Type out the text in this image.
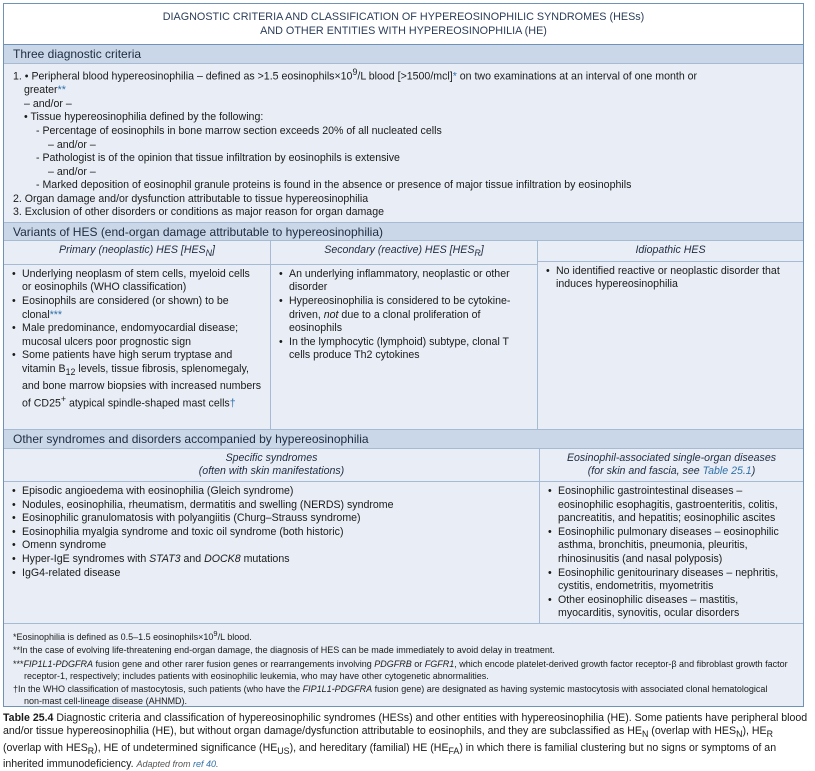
DIAGNOSTIC CRITERIA AND CLASSIFICATION OF HYPEREOSINOPHILIC SYNDROMES (HESs)
AND OTHER ENTITIES WITH HYPEREOSINOPHILIA (HE)
Three diagnostic criteria
1. • Peripheral blood hypereosinophilia – defined as >1.5 $eosinophils\times 10^9/L$ blood [>1500/mcl]* on two examinations at an interval of one month or
greater**
– and/or –
• Tissue hypereosinophilia defined by the following:
- Percentage of eosinophils in bone marrow section exceeds 20% of all nucleated cells
– and/or –
- Pathologist is of the opinion that tissue infiltration by eosinophils is extensive
– and/or –
- Marked deposition of eosinophil granule proteins is found in the absence or presence of major tissue infiltration by eosinophils
2. Organ damage and/or dysfunction attributable to tissue hypereosinophilia
3. Exclusion of other disorders or conditions as major reason for organ damage
Variants of HES (end-organ damage attributable to hypereosinophilia)
Primary (neoplastic) HES $[HES_N]$
• Underlying neoplasm of stem cells, myeloid cells or eosinophils (WHO classification)
• Eosinophils are considered (or shown) to be clonal***
• Male predominance, endomyocardial disease; mucosal ulcers poor prognostic sign
• Some patients have high serum tryptase and vitamin $B_{12}$ levels, tissue fibrosis, splenomegaly, and bone marrow biopsies with increased numbers of CD25+ atypical spindle-shaped mast cells†
Secondary (reactive) HES $[HES_R]$
• An underlying inflammatory, neoplastic or other disorder
• Hypereosinophilia is considered to be cytokine-driven, not due to a clonal proliferation of eosinophils
• In the lymphocytic (lymphoid) subtype, clonal T cells produce Th2 cytokines
Idiopathic HES
• No identified reactive or neoplastic disorder that induces hypereosinophilia
Other syndromes and disorders accompanied by hypereosinophilia
Specific syndromes
(often with skin manifestations)
• Episodic angioedema with eosinophilia (Gleich syndrome)
• Nodules, eosinophilia, rheumatism, dermatitis and swelling (NERDS) syndrome
• Eosinophilic granulomatosis with polyangiitis (Churg–Strauss syndrome)
• Eosinophilia myalgia syndrome and toxic oil syndrome (both historic)
• Omenn syndrome
• Hyper-IgE syndromes with STAT3 and DOCK8 mutations
• IgG4-related disease
Eosinophil-associated single-organ diseases
(for skin and fascia, see Table 25.1)
• Eosinophilic gastrointestinal diseases – eosinophilic esophagitis, gastroenteritis, colitis, pancreatitis, and hepatitis; eosinophilic ascites
• Eosinophilic pulmonary diseases – eosinophilic asthma, bronchitis, pneumonia, pleuritis, rhinosinusitis (and nasal polyposis)
• Eosinophilic genitourinary diseases – nephritis, cystitis, endometritis, myometritis
• Other eosinophilic diseases – mastitis, myocarditis, synovitis, ocular disorders
*Eosinophilia is defined as 0.5–1.5 $eosinophils\times 10^9/L$ blood.
**In the case of evolving life-threatening end-organ damage, the diagnosis of HES can be made immediately to avoid delay in treatment.
***FIP1L1-PDGFRA fusion gene and other rarer fusion genes or rearrangements involving PDGFRB or FGFR1, which encode platelet-derived growth factor receptor-β and fibroblast growth factor
receptor-1, respectively; includes patients with eosinophilic leukemia, who may have other cytogenetic abnormalities.
†In the WHO classification of mastocytosis, such patients (who have the FIP1L1-PDGFRA fusion gene) are designated as having systemic mastocytosis with associated clonal hematological
non-mast cell-lineage disease (AHNMD).
Table 25.4 Diagnostic criteria and classification of hypereosinophilic syndromes (HESs) and other entities with hypereosinophilia (HE). Some patients have peripheral blood and/or tissue hypereosinophilia (HE), but without organ damage/dysfunction attributable to eosinophils, and they are subclassified as $HE_N$ (overlap with $HES_N$), $HE_R$ (overlap with $HES_R$), HE of undetermined significance $(HE_{US})$, and hereditary (familial) HE $(HE_{FA})$ in which there is familial clustering but no signs or symptoms of an inherited immunodeficiency. Adapted from ref 40.
